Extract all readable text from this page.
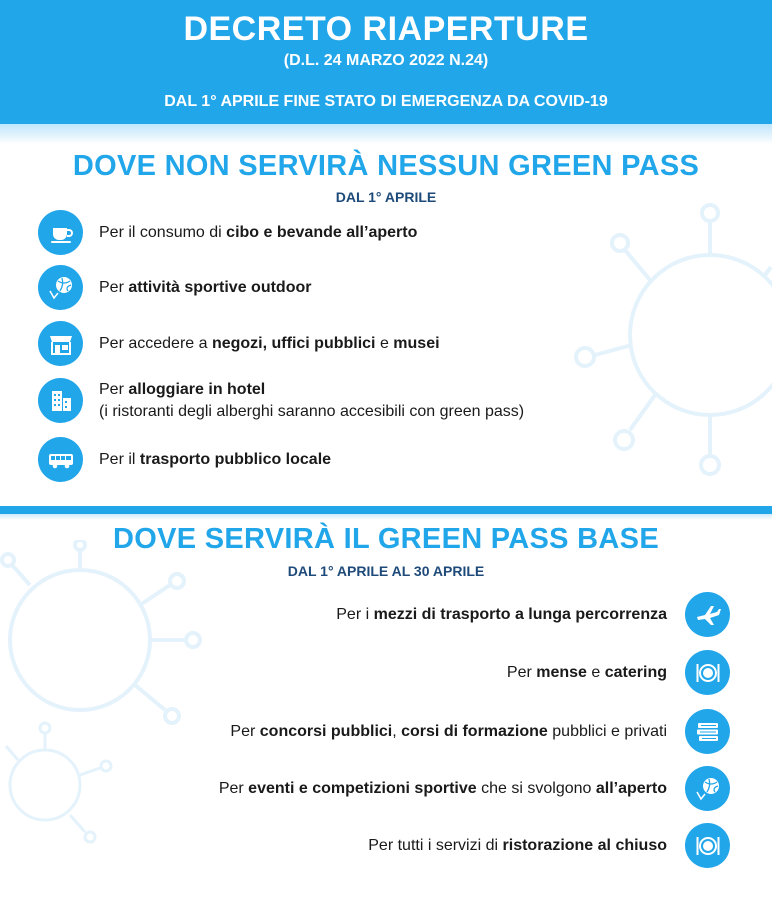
DECRETO RIAPERTURE
(D.L. 24 MARZO 2022 N.24)
DAL 1° APRILE FINE STATO DI EMERGENZA DA COVID-19
DOVE NON SERVIRÀ NESSUN GREEN PASS
DAL 1° APRILE
Per il consumo di cibo e bevande all’aperto
Per attività sportive outdoor
Per accedere a negozi, uffici pubblici e musei
Per alloggiare in hotel
(i ristoranti degli alberghi saranno accesibili con green pass)
Per il trasporto pubblico locale
DOVE SERVIRÀ IL GREEN PASS BASE
DAL 1° APRILE AL 30 APRILE
Per i mezzi di trasporto a lunga percorrenza
Per mense e catering
Per concorsi pubblici, corsi di formazione pubblici e privati
Per eventi e competizioni sportive che si svolgono all’aperto
Per tutti i servizi di ristorazione al chiuso
